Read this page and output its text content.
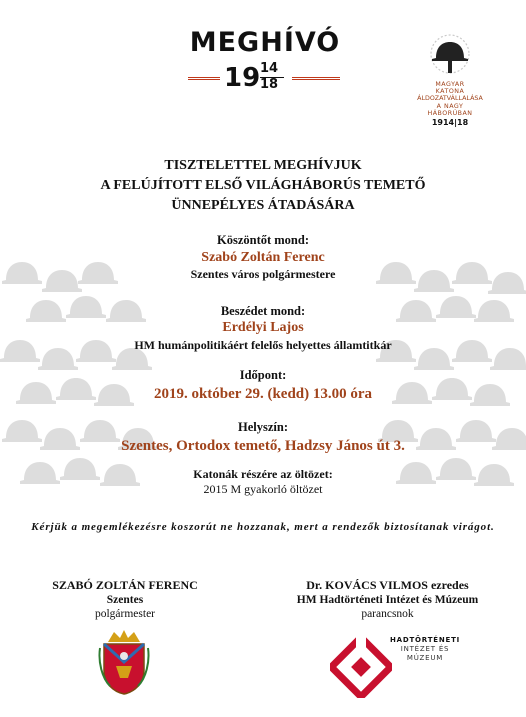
MEGHÍVÓ
19 14
18	MAGYAR
KATONA
ÁLDOZATVÁLLALÁSA
A NAGY
HÁBORÚBAN
1914|18
TISZTELETTEL MEGHÍVJUK
A FELÚJÍTOTT ELSŐ VILÁGHÁBORÚS TEMETŐ
ÜNNEPÉLYES ÁTADÁSÁRA
Köszöntőt mond:
Szabó Zoltán Ferenc
Szentes város polgármestere
Beszédet mond:
Erdélyi Lajos
HM humánpolitikáért felelős helyettes államtitkár
Időpont:
2019. október 29. (kedd) 13.00 óra
Helyszín:
Szentes, Ortodox temető, Hadzsy János út 3.
Katonák részére az öltözet:
2015 M gyakorló öltözet
Kérjük a megemlékezésre koszorút ne hozzanak, mert a rendezők biztosítanak virágot.
SZABÓ ZOLTÁN FERENC
Szentes
polgármester
Dr. KOVÁCS VILMOS ezredes
HM Hadtörténeti Intézet és Múzeum
parancsnok
HADTÖRTÉNETI
INTÉZET ÉS
MÚZEUM
